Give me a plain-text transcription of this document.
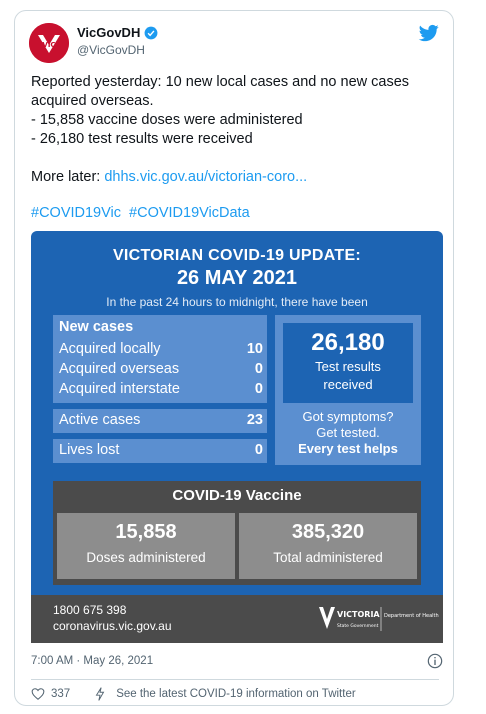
VIC
VicGovDH
@VicGovDH

Reported yesterday: 10 new local cases and no new cases acquired overseas.

- 15,858 vaccine doses were administered

- 26,180 test results were received

More later: dhhs.vic.gov.au/victorian-coro...

#COVID19Vic #COVID19VicData
VICTORIAN COVID-19 UPDATE:
26 MAY 2021
In the past 24 hours to midnight, there have been
New cases
Acquired locally	10
Acquired overseas	0
Acquired interstate	0
Active cases	23
Lives lost	0
26,180
Test results
received
Got symptoms?
Get tested.
Every test helps
COVID-19 Vaccine
15,858
Doses administered
385,320
Total administered
1800 675 398
coronavirus.vic.gov.au
VICTORIA
State Government
Department of Health
7:00 AM · May 26, 2021
337	See the latest COVID-19 information on Twitter
